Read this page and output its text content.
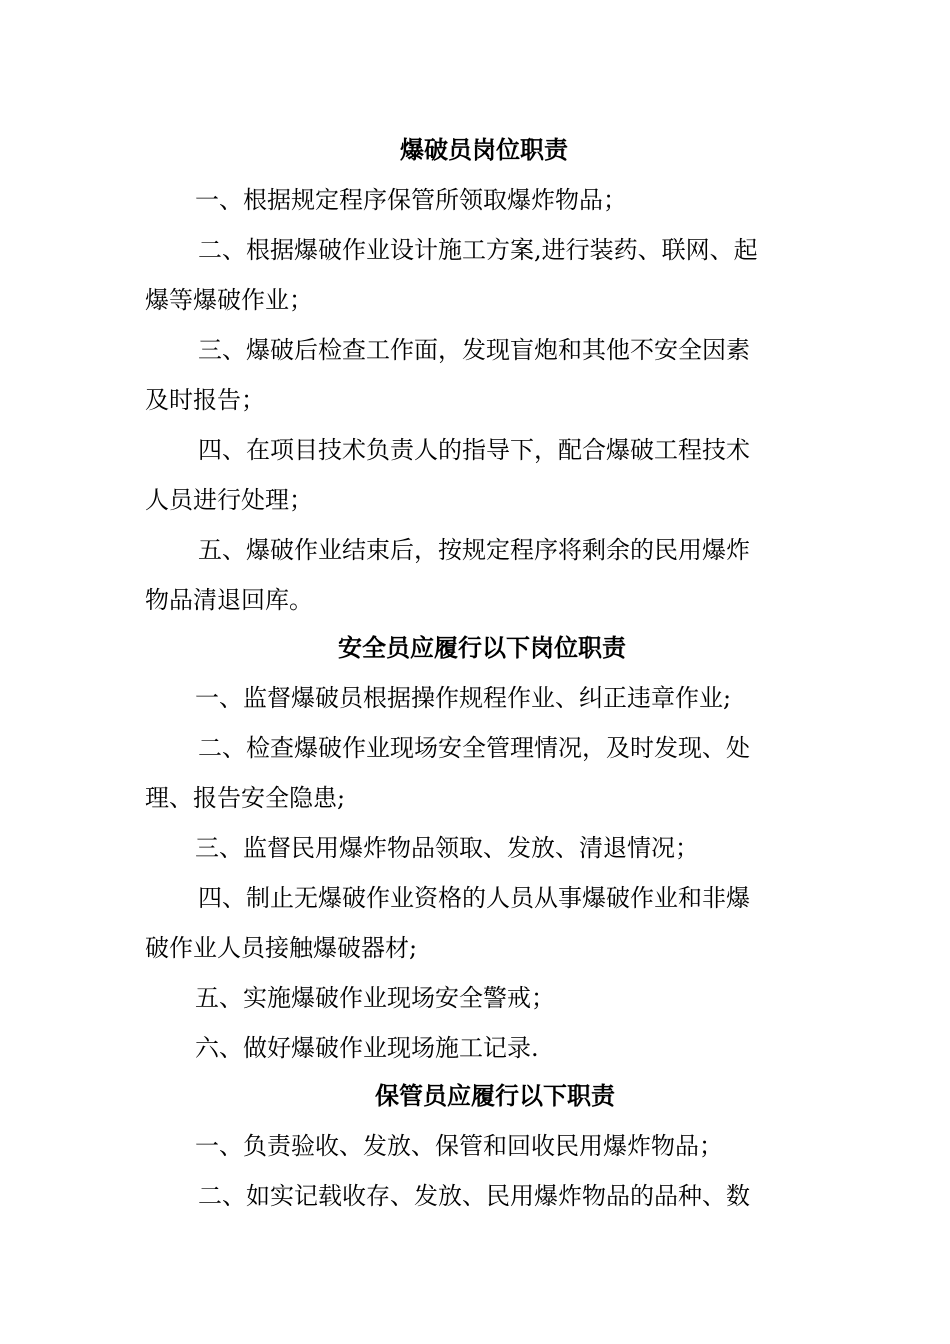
爆破员岗位职责
一、根据规定程序保管所领取爆炸物品；
二、根据爆破作业设计施工方案,进行装药、联网、起
爆等爆破作业；
三、爆破后检查工作面，发现盲炮和其他不安全因素
及时报告；
四、在项目技术负责人的指导下，配合爆破工程技术
人员进行处理；
五、爆破作业结束后，按规定程序将剩余的民用爆炸
物品清退回库。
安全员应履行以下岗位职责
一、监督爆破员根据操作规程作业、纠正违章作业;
二、检查爆破作业现场安全管理情况，及时发现、处
理、报告安全隐患;
三、监督民用爆炸物品领取、发放、清退情况；
四、制止无爆破作业资格的人员从事爆破作业和非爆
破作业人员接触爆破器材;
五、实施爆破作业现场安全警戒；
六、做好爆破作业现场施工记录.
保管员应履行以下职责
一、负责验收、发放、保管和回收民用爆炸物品；
二、如实记载收存、发放、民用爆炸物品的品种、数
